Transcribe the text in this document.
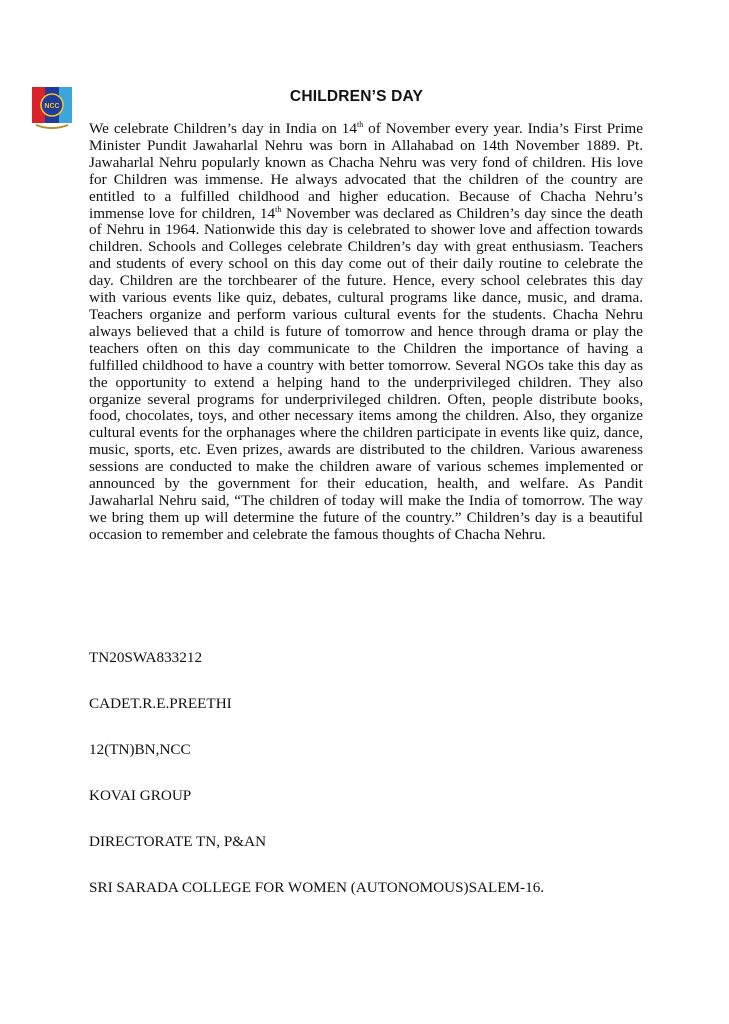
NCC
CHILDREN’S DAY

We celebrate Children’s day in India on 14th of November every year. India’s First Prime Minister Pundit Jawaharlal Nehru was born in Allahabad on 14th November 1889. Pt. Jawaharlal Nehru popularly known as Chacha Nehru was very fond of children. His love for Children was immense. He always advocated that the children of the country are entitled to a fulfilled childhood and higher education. Because of Chacha Nehru’s immense love for children, 14th November was declared as Children’s day since the death of Nehru in 1964. Nationwide this day is celebrated to shower love and affection towards children. Schools and Colleges celebrate Children’s day with great enthusiasm. Teachers and students of every school on this day come out of their daily routine to celebrate the day. Children are the torchbearer of the future. Hence, every school celebrates this day with various events like quiz, debates, cultural programs like dance, music, and drama. Teachers organize and perform various cultural events for the students. Chacha Nehru always believed that a child is future of tomorrow and hence through drama or play the teachers often on this day communicate to the Children the importance of having a fulfilled childhood to have a country with better tomorrow. Several NGOs take this day as the opportunity to extend a helping hand to the underprivileged children. They also organize several programs for underprivileged children. Often, people distribute books, food, chocolates, toys, and other necessary items among the children. Also, they organize cultural events for the orphanages where the children participate in events like quiz, dance, music, sports, etc. Even prizes, awards are distributed to the children. Various awareness sessions are conducted to make the children aware of various schemes implemented or announced by the government for their education, health, and welfare. As Pandit Jawaharlal Nehru said, “The children of today will make the India of tomorrow. The way we bring them up will determine the future of the country.” Children’s day is a beautiful occasion to remember and celebrate the famous thoughts of Chacha Nehru.

TN20SWA833212

CADET.R.E.PREETHI

12(TN)BN,NCC

KOVAI GROUP

DIRECTORATE TN, P&AN

SRI SARADA COLLEGE FOR WOMEN (AUTONOMOUS)SALEM-16.
